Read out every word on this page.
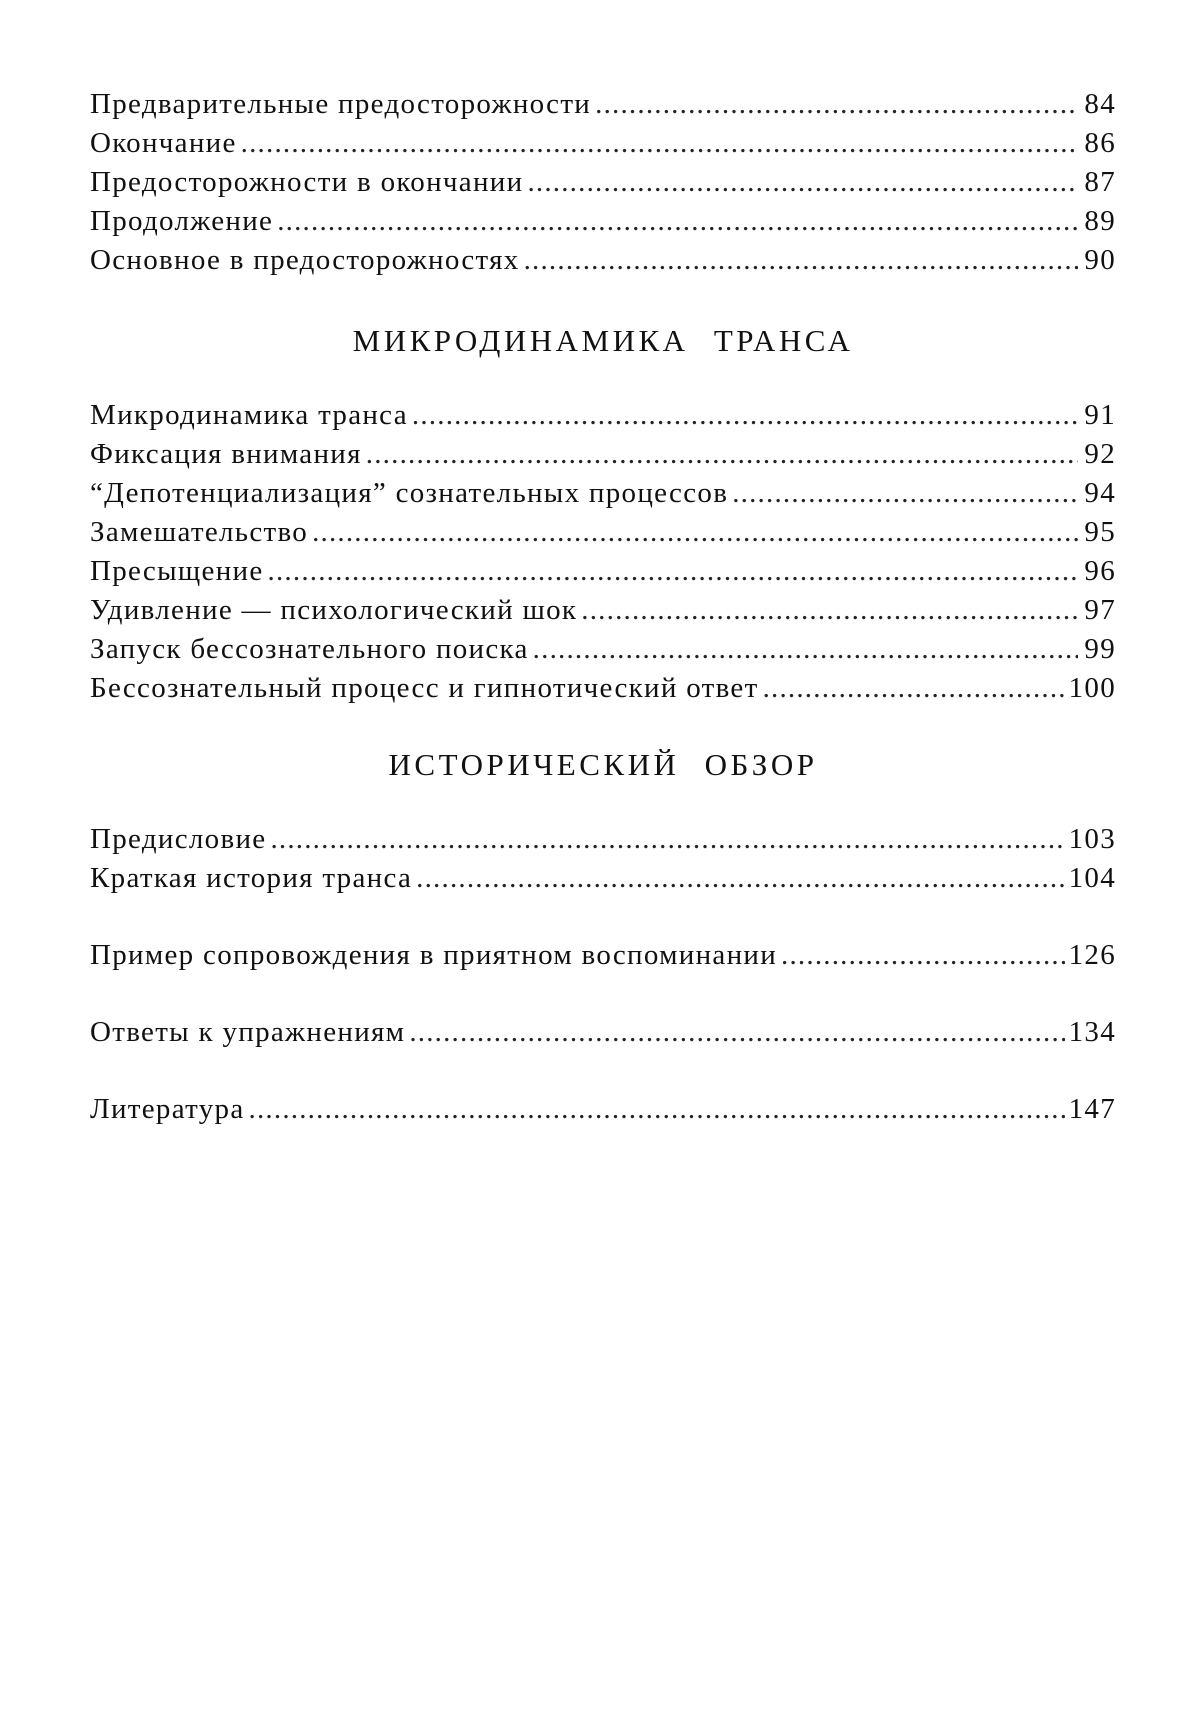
Предварительные предосторожности .....	84
Окончание .....	86
Предосторожности в окончании .....	87
Продолжение .....	89
Основное в предосторожностях .....	90
МИКРОДИНАМИКА ТРАНСА
Микродинамика транса .....	91
Фиксация внимания .....	92
“Депотенциализация” сознательных процессов .....	94
Замешательство .....	95
Пресыщение .....	96
Удивление — психологический шок .....	97
Запуск бессознательного поиска .....	99
Бессознательный процесс и гипнотический ответ .....	100
ИСТОРИЧЕСКИЙ ОБЗОР
Предисловие .....	103
Краткая история транса .....	104
Пример сопровождения в приятном воспоминании .....	126
Ответы к упражнениям .....	134
Литература .....	147
